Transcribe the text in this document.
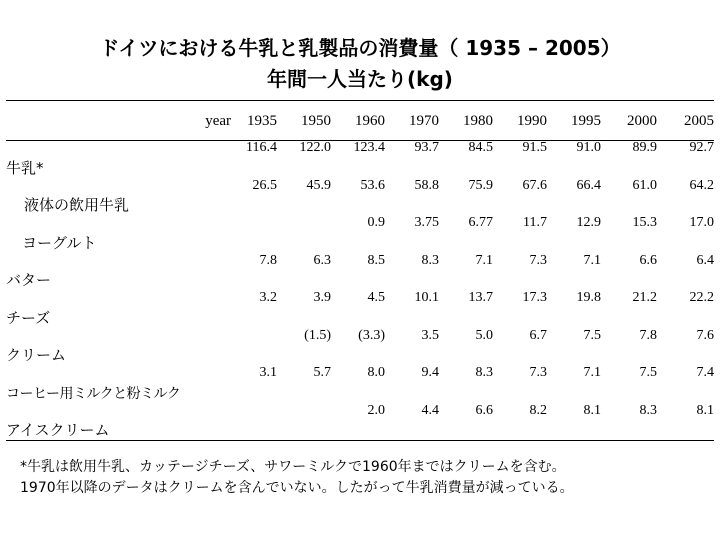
ドイツにおける牛乳と乳製品の消費量（ 1935 – 2005）
年間一人当たり(kg)
year	1935	1950	1960	1970	1980	1990	1995	2000	2005
牛乳*	116.4	122.0	123.4	93.7	84.5	91.5	91.0	89.9	92.7
液体の飲用牛乳	26.5	45.9	53.6	58.8	75.9	67.6	66.4	61.0	64.2
ヨーグルト			0.9	3.75	6.77	11.7	12.9	15.3	17.0
バター	7.8	6.3	8.5	8.3	7.1	7.3	7.1	6.6	6.4
チーズ	3.2	3.9	4.5	10.1	13.7	17.3	19.8	21.2	22.2
クリーム		(1.5)	(3.3)	3.5	5.0	6.7	7.5	7.8	7.6
コーヒー用ミルクと粉ミルク	3.1	5.7	8.0	9.4	8.3	7.3	7.1	7.5	7.4
アイスクリーム			2.0	4.4	6.6	8.2	8.1	8.3	8.1
*牛乳は飲用牛乳、カッテージチーズ、サワーミルクで1960年まではクリームを含む。
1970年以降のデータはクリームを含んでいない。したがって牛乳消費量が減っている。
